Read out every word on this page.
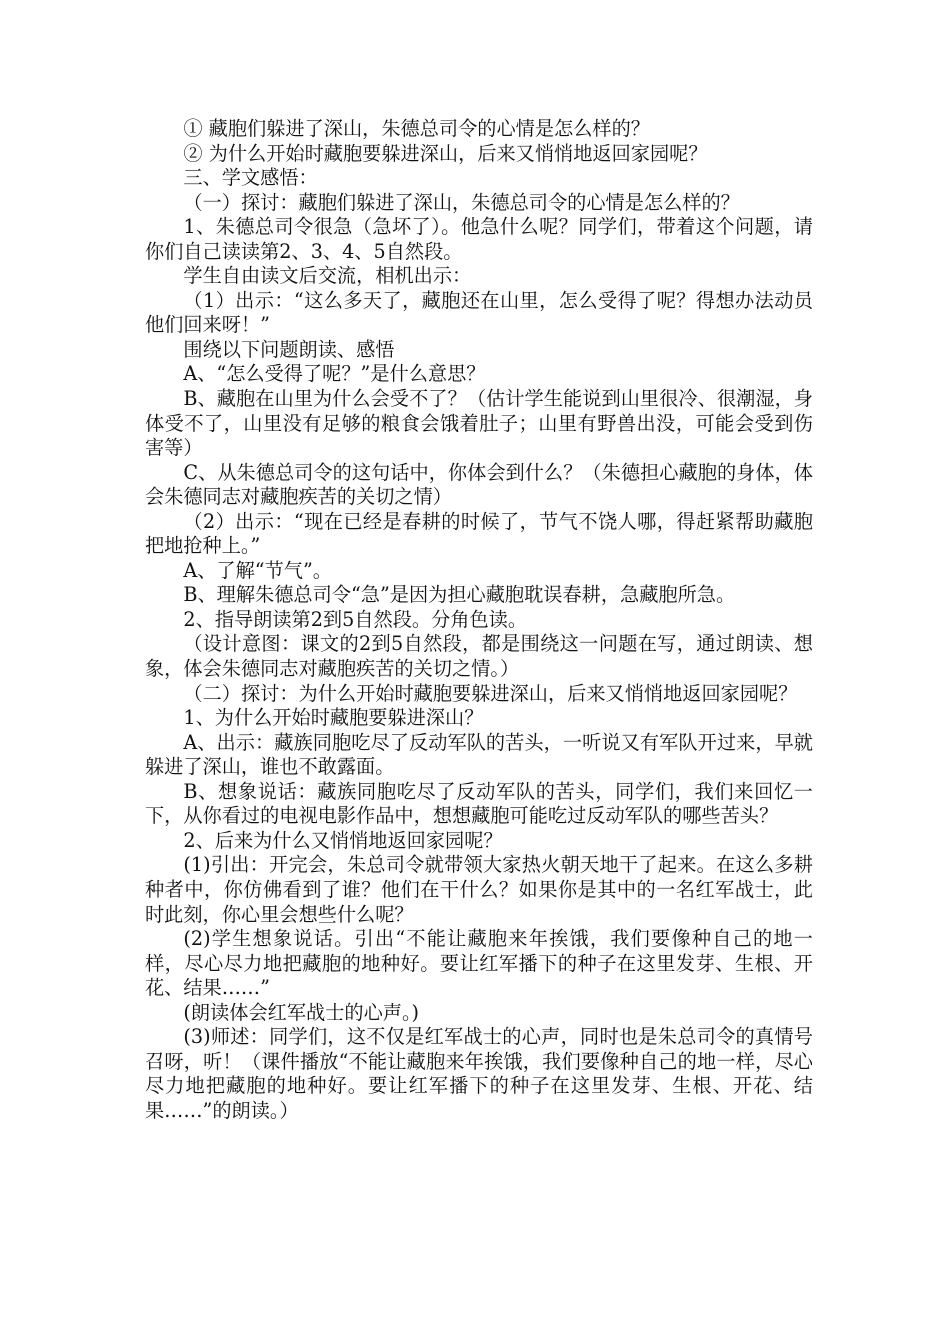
① 藏胞们躲进了深山，朱德总司令的心情是怎么样的？

② 为什么开始时藏胞要躲进深山，后来又悄悄地返回家园呢？

三、学文感悟：

（一）探讨：藏胞们躲进了深山，朱德总司令的心情是怎么样的？

1、朱德总司令很急（急坏了）。他急什么呢？同学们，带着这个问题，请你们自己读读第2、3、4、5自然段。

学生自由读文后交流，相机出示：

（1）出示：“这么多天了，藏胞还在山里，怎么受得了呢？得想办法动员他们回来呀！”

围绕以下问题朗读、感悟

A、“怎么受得了呢？”是什么意思？

B、藏胞在山里为什么会受不了？（估计学生能说到山里很冷、很潮湿，身体受不了，山里没有足够的粮食会饿着肚子；山里有野兽出没，可能会受到伤害等）

C、从朱德总司令的这句话中，你体会到什么？（朱德担心藏胞的身体，体会朱德同志对藏胞疾苦的关切之情）

（2）出示：“现在已经是春耕的时候了，节气不饶人哪，得赶紧帮助藏胞把地抢种上。”

A、了解“节气”。

B、理解朱德总司令“急”是因为担心藏胞耽误春耕，急藏胞所急。

2、指导朗读第2到5自然段。分角色读。

（设计意图：课文的2到5自然段，都是围绕这一问题在写，通过朗读、想象，体会朱德同志对藏胞疾苦的关切之情。）

（二）探讨：为什么开始时藏胞要躲进深山，后来又悄悄地返回家园呢？

1、为什么开始时藏胞要躲进深山？

A、出示：藏族同胞吃尽了反动军队的苦头，一听说又有军队开过来，早就躲进了深山，谁也不敢露面。

B、想象说话：藏族同胞吃尽了反动军队的苦头，同学们，我们来回忆一下，从你看过的电视电影作品中，想想藏胞可能吃过反动军队的哪些苦头？

2、后来为什么又悄悄地返回家园呢？

(1)引出：开完会，朱总司令就带领大家热火朝天地干了起来。在这么多耕种者中，你仿佛看到了谁？他们在干什么？如果你是其中的一名红军战士，此时此刻，你心里会想些什么呢？

(2)学生想象说话。引出“不能让藏胞来年挨饿，我们要像种自己的地一样，尽心尽力地把藏胞的地种好。要让红军播下的种子在这里发芽、生根、开花、结果……”

(朗读体会红军战士的心声。)

(3)师述：同学们，这不仅是红军战士的心声，同时也是朱总司令的真情号召呀，听！（课件播放“不能让藏胞来年挨饿，我们要像种自己的地一样，尽心尽力地把藏胞的地种好。要让红军播下的种子在这里发芽、生根、开花、结果……”的朗读。）
